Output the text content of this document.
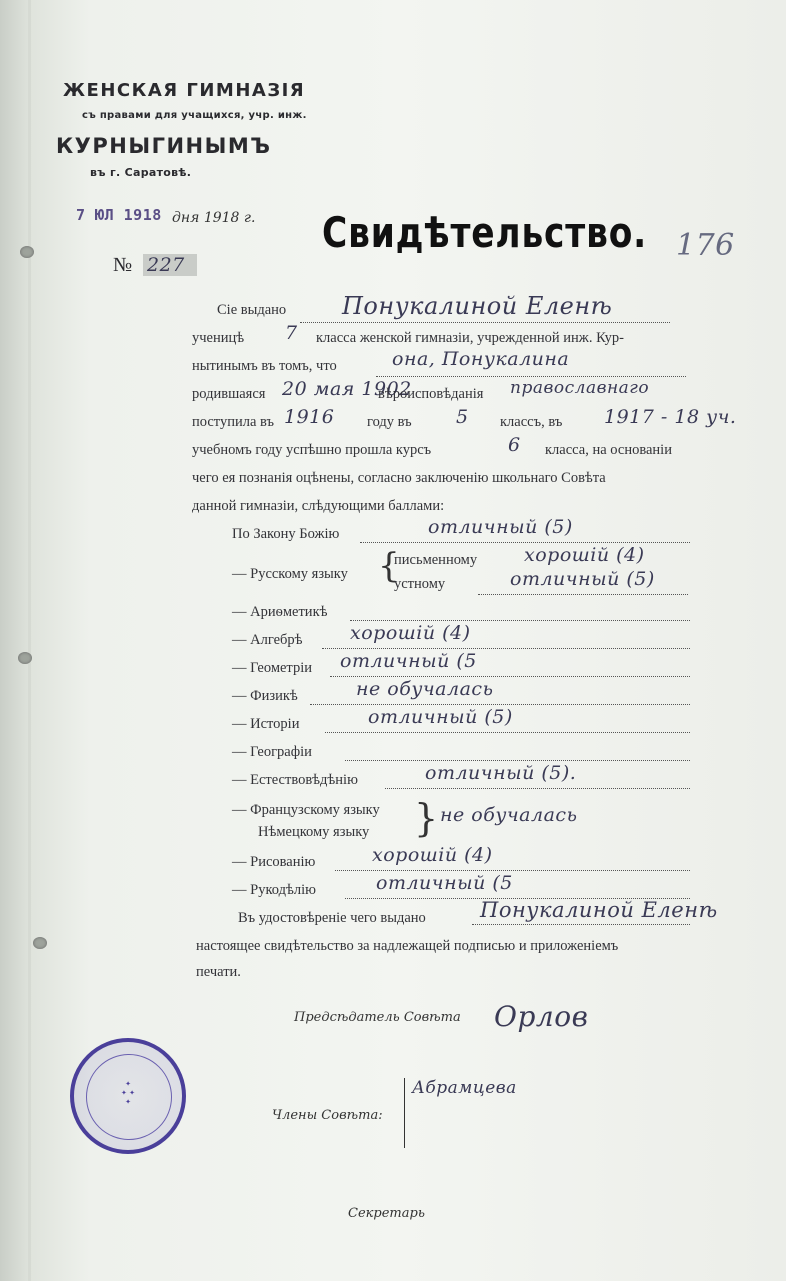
ЖЕНСКАЯ ГИМНАЗІЯ
съ правами для учащихся, учр. инж.
КУРНЫГИНЫМЪ
въ г. Саратовѣ.
7 ЮЛ 1918 дня 1918 г.
№ 227
Свидѣтельство. 176
Сіе выдано Понукалиной Еленѣ
ученицѣ 7 класса женской гимназіи, учрежденной инж. Кур-
нытинымъ въ томъ, что	она, Понукалина
родившаяся 20 мая 1902
вѣроисповѣданія православнаго
поступила въ 1916 году въ 5 классъ, въ 1917 - 18 уч.
учебномъ году успѣшно прошла курсъ	6 класса, на основаніи
чего ея познанія оцѣнены, согласно заключенію школьнаго Совѣта
данной гимназіи, слѣдующими баллами:
По Закону Божію	отличный (5)
— Русскому языку {
письменному хорошій (4)
устному	отличный (5)
— Ариѳметикѣ
— Алгебрѣ хорошій (4)
— Геометріи отличный (5
— Физикѣ	не обучалась
— Исторіи	отличный (5)
— Географіи
— Естествовѣдѣнію	отличный (5).
— Французскому языку
Нѣмецкому языку } не обучалась
— Рисованію	хорошій (4)
— Рукодѣлію	отличный (5
Въ удостовѣреніе чего выдано	Понукалиной Еленѣ
настоящее свидѣтельство за надлежащей подписью и приложеніемъ
печати.
Предсѣдатель Совѣта Орлов
✦
✦ ✦
✦
Члены Совѣта:
Абрамцева
Секретарь
